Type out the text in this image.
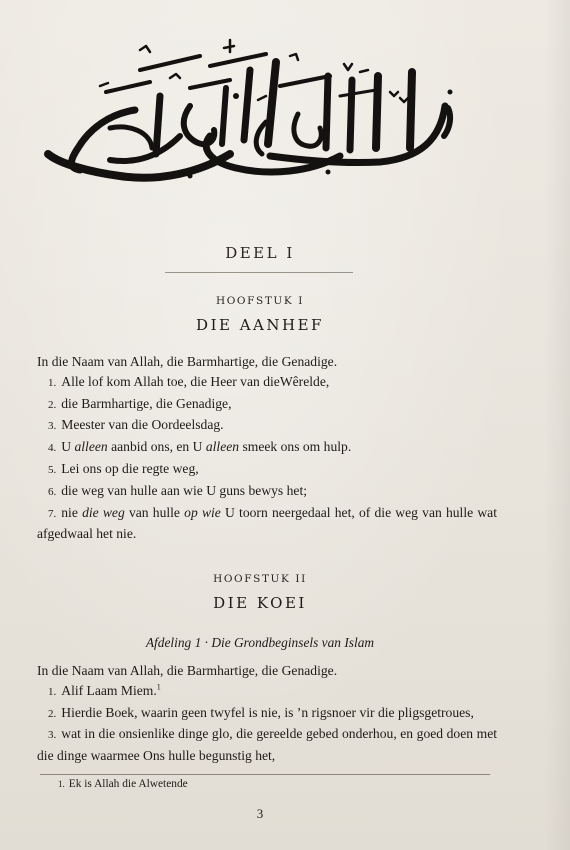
DEEL I
HOOFSTUK I
DIE AANHEF

In die Naam van Allah, die Barmhartige, die Genadige.

1. Alle lof kom Allah toe, die Heer van dieWêrelde,

2. die Barmhartige, die Genadige,

3. Meester van die Oordeelsdag.

4. U alleen aanbid ons, en U alleen smeek ons om hulp.

5. Lei ons op die regte weg,

6. die weg van hulle aan wie U guns bewys het;

7. nie die weg van hulle op wie U toorn neergedaal het, of die weg van hulle wat afgedwaal het nie.

HOOFSTUK II
DIE KOEI
Afdeling 1 · Die Grondbeginsels van Islam

In die Naam van Allah, die Barmhartige, die Genadige.

1. Alif Laam Miem.$^1$

2. Hierdie Boek, waarin geen twyfel is nie, is ’n rigsnoer vir die pligsgetroues,

3. wat in die onsienlike dinge glo, die gereelde gebed onderhou, en goed doen met die dinge waarmee Ons hulle begunstig het,

1. Ek is Allah die Alwetende
3
